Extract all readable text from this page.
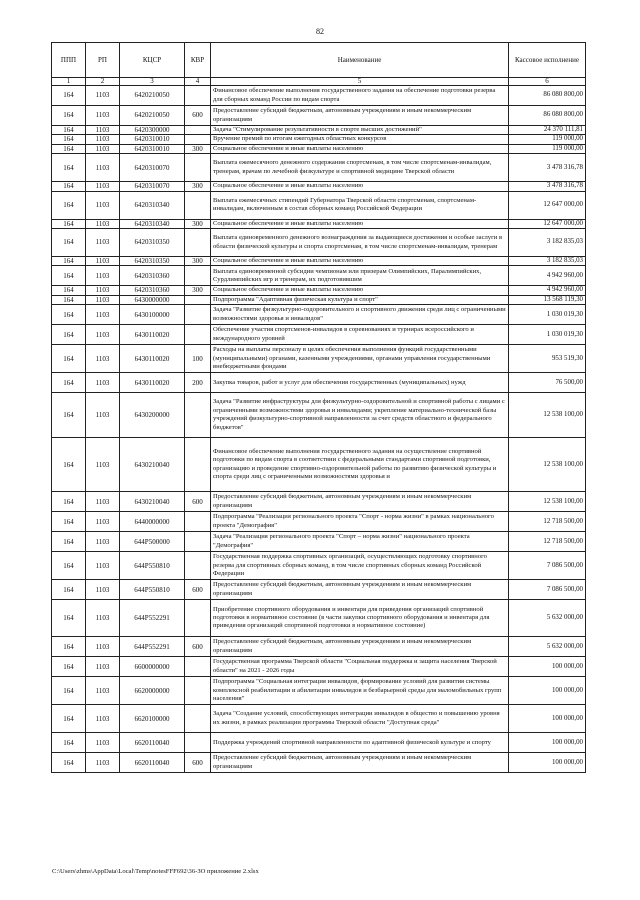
82
ППП	РП	КЦСР	КВР	Наименование	Кассовое исполнение
1	2	3	4	5	6
164	1103	6420210050		Финансовое обеспечение выполнения государственного задания на обеспечение подготовки резерва для сборных команд России по видам спорта	86 080 800,00
164	1103	6420210050	600	Предоставление субсидий бюджетным, автономным учреждениям и иным некоммерческим организациям	86 080 800,00
164	1103	6420300000		Задача "Стимулирование результативности в спорте высших достижений"	24 370 111,81
164	1103	6420310010		Вручение премий по итогам ежегодных областных конкурсов	119 000,00
164	1103	6420310010	300	Социальное обеспечение и иные выплаты населению	119 000,00
164	1103	6420310070		Выплата ежемесячного денежного содержания спортсменам, в том числе спортсменам-инвалидам, тренерам, врачам по лечебной физкультуре и спортивной медицине Тверской области	3 478 316,78
164	1103	6420310070	300	Социальное обеспечение и иные выплаты населению	3 478 316,78
164	1103	6420310340		Выплата ежемесячных стипендий Губернатора Тверской области спортсменам, спортсменам-инвалидам, включенным в состав сборных команд Российской Федерации	12 647 000,00
164	1103	6420310340	300	Социальное обеспечение и иные выплаты населению	12 647 000,00
164	1103	6420310350		Выплата единовременного денежного вознаграждения за выдающиеся достижения и особые заслуги в области физической культуры и спорта спортсменам, в том числе спортсменам-инвалидам, тренерам	3 182 835,03
164	1103	6420310350	300	Социальное обеспечение и иные выплаты населению	3 182 835,03
164	1103	6420310360		Выплата единовременной субсидии чемпионам или призерам Олимпийских, Паралимпийских, Сурдлимпийских игр и тренерам, их подготовившим	4 942 960,00
164	1103	6420310360	300	Социальное обеспечение и иные выплаты населению	4 942 960,00
164	1103	6430000000		Подпрограмма "Адаптивная физическая культура и спорт"	13 568 119,30
164	1103	6430100000		Задача "Развитие физкультурно-оздоровительного и спортивного движения среди лиц с ограниченными возможностями здоровья и инвалидов"	1 030 019,30
164	1103	6430110020		Обеспечение участия спортсменов-инвалидов в соревнованиях и турнирах всероссийского и международного уровней	1 030 019,30
164	1103	6430110020	100	Расходы на выплаты персоналу в целях обеспечения выполнения функций государственными (муниципальными) органами, казенными учреждениями, органами управления государственными внебюджетными фондами	953 519,30
164	1103	6430110020	200	Закупка товаров, работ и услуг для обеспечения государственных (муниципальных) нужд	76 500,00
164	1103	6430200000		Задача "Развитие инфраструктуры для физкультурно-оздоровительной и спортивной работы с лицами с ограниченными возможностями здоровья и инвалидами; укрепление материально-технической базы учреждений физкультурно-спортивной направленности за счет средств областного и федерального бюджетов"	12 538 100,00
164	1103	6430210040		Финансовое обеспечение выполнения государственного задания на осуществление спортивной подготовки по видам спорта в соответствии с федеральными стандартами спортивной подготовки, организацию и проведение спортивно-оздоровительной работы по развитию физической культуры и спорта среди лиц с ограниченными возможностями здоровья и	12 538 100,00
164	1103	6430210040	600	Предоставление субсидий бюджетным, автономным учреждениям и иным некоммерческим организациям	12 538 100,00
164	1103	6440000000		Подпрограмма "Реализация регионального проекта "Спорт - норма жизни" в рамках национального проекта "Демография"	12 718 500,00
164	1103	644P500000		Задача "Реализация регионального проекта "Спорт – норма жизни" национального проекта "Демография"	12 718 500,00
164	1103	644P550810		Государственная поддержка спортивных организаций, осуществляющих подготовку спортивного резерва для спортивных сборных команд, в том числе спортивных сборных команд Российской Федерации	7 086 500,00
164	1103	644P550810	600	Предоставление субсидий бюджетным, автономным учреждениям и иным некоммерческим организациям	7 086 500,00
164	1103	644P552291		Приобретение спортивного оборудования и инвентаря для приведения организаций спортивной подготовки в нормативное состояние (в части закупки спортивного оборудования и инвентаря для приведения организаций спортивной подготовки в нормативное состояние)	5 632 000,00
164	1103	644P552291	600	Предоставление субсидий бюджетным, автономным учреждениям и иным некоммерческим организациям	5 632 000,00
164	1103	6600000000		Государственная программа Тверской области "Социальная поддержка и защита населения Тверской области" на 2021 - 2026 годы	100 000,00
164	1103	6620000000		Подпрограмма "Социальная интеграция инвалидов, формирование условий для развития системы комплексной реабилитации и абилитации инвалидов и безбарьерной среды для маломобильных групп населения"	100 000,00
164	1103	6620100000		Задача "Создание условий, способствующих интеграции инвалидов в общество и повышению уровня их жизни, в рамках реализации программы Тверской области "Доступная среда"	100 000,00
164	1103	6620110040		Поддержка учреждений спортивной направленности по адаптивной физической культуре и спорту	100 000,00
164	1103	6620110040	600	Предоставление субсидий бюджетным, автономным учреждениям и иным некоммерческим организациям	100 000,00
C:\Users\zhms\AppData\Local\Temp\notesFFF692\36-ЗО приложение 2.xlsx
